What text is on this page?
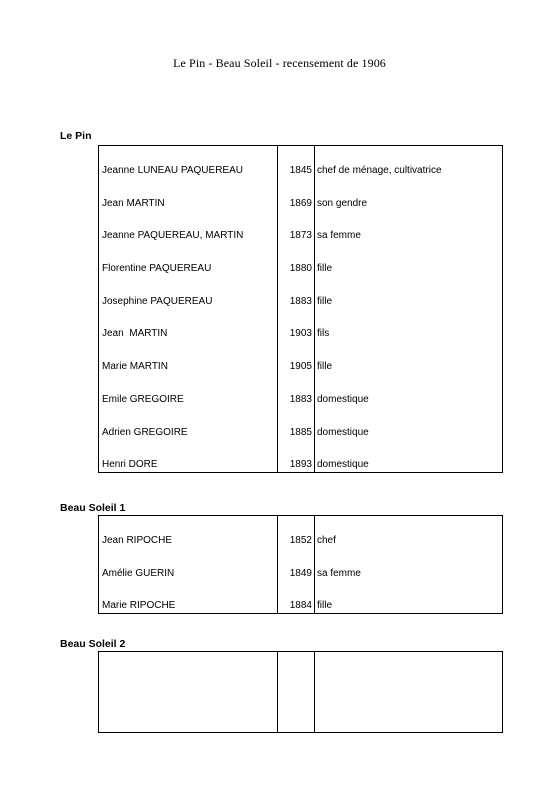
Le Pin - Beau Soleil - recensement de 1906
Le Pin
Jeanne LUNEAU PAQUEREAU	1845	chef de ménage, cultivatrice
Jean MARTIN	1869	son gendre
Jeanne PAQUEREAU, MARTIN	1873	sa femme
Florentine PAQUEREAU	1880	fille
Josephine PAQUEREAU	1883	fille
Jean  MARTIN	1903	fils
Marie MARTIN	1905	fille
Emile GREGOIRE	1883	domestique
Adrien GREGOIRE	1885	domestique
Henri DORE	1893	domestique
Beau Soleil 1
Jean RIPOCHE	1852	chef
Amélie GUERIN	1849	sa femme
Marie RIPOCHE	1884	fille
Beau Soleil 2
